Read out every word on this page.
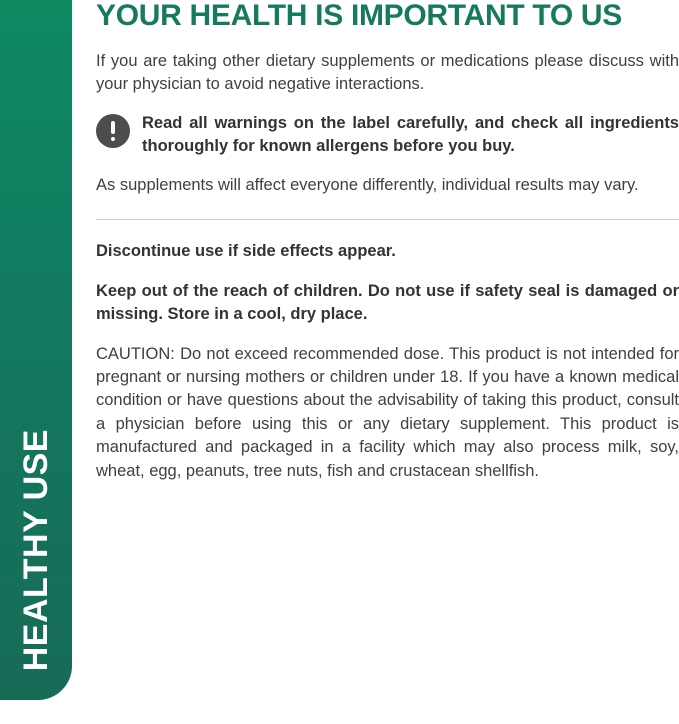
HEALTHY USE
YOUR HEALTH IS IMPORTANT TO US

If you are taking other dietary supplements or medications please discuss with your physician to avoid negative interactions.

Read all warnings on the label carefully, and check all ingredients thoroughly for known allergens before you buy.

As supplements will affect everyone differently, individual results may vary.

Discontinue use if side effects appear.

Keep out of the reach of children. Do not use if safety seal is damaged or missing. Store in a cool, dry place.

CAUTION: Do not exceed recommended dose. This product is not intended for pregnant or nursing mothers or children under 18. If you have a known medical condition or have questions about the advisability of taking this product, consult a physician before using this or any dietary supplement. This product is manufactured and packaged in a facility which may also process milk, soy, wheat, egg, peanuts, tree nuts, fish and crustacean shellfish.
